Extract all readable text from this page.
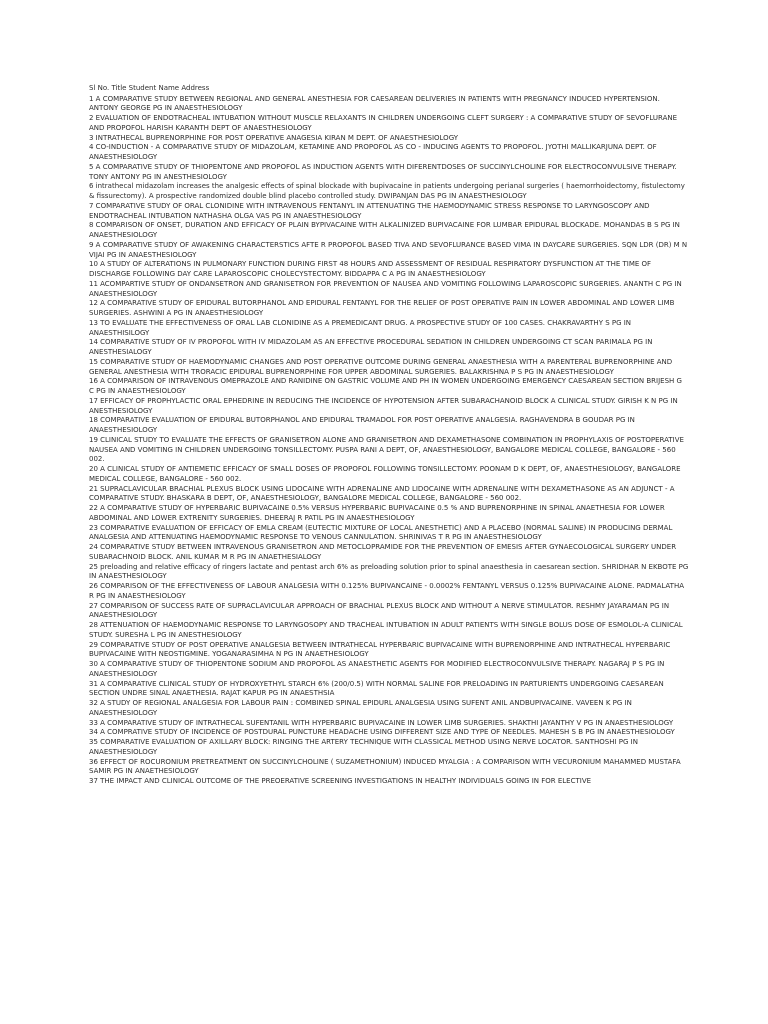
Sl No. Title Student Name Address
1 A COMPARATIVE STUDY BETWEEN REGIONAL AND GENERAL ANESTHESIA FOR CAESAREAN DELIVERIES IN PATIENTS WITH PREGNANCY INDUCED HYPERTENSION. ANTONY GEORGE PG IN ANAESTHESIOLOGY
2 EVALUATION OF ENDOTRACHEAL INTUBATION WITHOUT MUSCLE RELAXANTS IN CHILDREN UNDERGOING CLEFT SURGERY : A COMPARATIVE STUDY OF SEVOFLURANE AND PROPOFOL HARISH KARANTH DEPT OF ANAESTHESIOLOGY
3 INTRATHECAL BUPRENORPHINE FOR POST OPERATIVE ANAGESIA KIRAN M DEPT. OF ANAESTHESIOLOGY
4 CO-INDUCTION - A COMPARATIVE STUDY OF MIDAZOLAM, KETAMINE AND PROPOFOL AS CO - INDUCING AGENTS TO PROPOFOL. JYOTHI MALLIKARJUNA DEPT. OF ANAESTHESIOLOGY
5 A COMPARATIVE STUDY OF THIOPENTONE AND PROPOFOL AS INDUCTION AGENTS WITH DIFERENTDOSES OF SUCCINYLCHOLINE FOR ELECTROCONVULSIVE THERAPY. TONY ANTONY PG IN ANESTHESIOLOGY
6 intrathecal midazolam increases the analgesic effects of spinal blockade with bupivacaine in patients undergoing perianal surgeries ( haemorrhoidectomy, fistulectomy & fissurectomy). A prospective randomized double blind placebo controlled study. DWIPANJAN DAS PG IN ANAESTHESIOLOGY
7 COMPARATIVE STUDY OF ORAL CLONIDINE WITH INTRAVENOUS FENTANYL IN ATTENUATING THE HAEMODYNAMIC STRESS RESPONSE TO LARYNGOSCOPY AND ENDOTRACHEAL INTUBATION NATHASHA OLGA VAS PG IN ANAESTHESIOLOGY
8 COMPARISON OF ONSET, DURATION AND EFFICACY OF PLAIN BYPIVACAINE WITH ALKALINIZED BUPIVACAINE FOR LUMBAR EPIDURAL BLOCKADE. MOHANDAS B S PG IN ANAESTHESIOLOGY
9 A COMPARATIVE STUDY OF AWAKENING CHARACTERSTICS AFTE R PROPOFOL BASED TIVA AND SEVOFLURANCE BASED VIMA IN DAYCARE SURGERIES. SQN LDR (DR) M N VIJAI PG IN ANAESTHESIOLOGY
10 A STUDY OF ALTERATIONS IN PULMONARY FUNCTION DURING FIRST 48 HOURS AND ASSESSMENT OF RESIDUAL RESPIRATORY DYSFUNCTION AT THE TIME OF DISCHARGE FOLLOWING DAY CARE LAPAROSCOPIC CHOLECYSTECTOMY. BIDDAPPA C A PG IN ANAESTHESIOLOGY
11 ACOMPARTIVE STUDY OF ONDANSETRON AND GRANISETRON FOR PREVENTION OF NAUSEA AND VOMITING FOLLOWING LAPAROSCOPIC SURGERIES. ANANTH C PG IN ANAESTHESIOLOGY
12 A COMPARATIVE STUDY OF EPIDURAL BUTORPHANOL AND EPIDURAL FENTANYL FOR THE RELIEF OF POST OPERATIVE PAIN IN LOWER ABDOMINAL AND LOWER LIMB SURGERIES. ASHWINI A PG IN ANAESTHESIOLOGY
13 TO EVALUATE THE EFFECTIVENESS OF ORAL LAB CLONIDINE AS A PREMEDICANT DRUG. A PROSPECTIVE STUDY OF 100 CASES. CHAKRAVARTHY S PG IN ANAESTHISILOGY
14 COMPARATIVE STUDY OF IV PROPOFOL WITH IV MIDAZOLAM AS AN EFFECTIVE PROCEDURAL SEDATION IN CHILDREN UNDERGOING CT SCAN PARIMALA PG IN ANESTHESIALOGY
15 COMPARATIVE STUDY OF HAEMODYNAMIC CHANGES AND POST OPERATIVE OUTCOME DURING GENERAL ANAESTHESIA WITH A PARENTERAL BUPRENORPHINE AND GENERAL ANESTHESIA WITH TRORACIC EPIDURAL BUPRENORPHINE FOR UPPER ABDOMINAL SURGERIES. BALAKRISHNA P S PG IN ANAESTHESIOLOGY
16 A COMPARISON OF INTRAVENOUS OMEPRAZOLE AND RANIDINE ON GASTRIC VOLUME AND PH IN WOMEN UNDERGOING EMERGENCY CAESAREAN SECTION BRIJESH G C PG IN ANAESTHESIOLOGY
17 EFFICACY OF PROPHYLACTIC ORAL EPHEDRINE IN REDUCING THE INCIDENCE OF HYPOTENSION AFTER SUBARACHANOID BLOCK A CLINICAL STUDY. GIRISH K N PG IN ANESTHESIOLOGY
18 COMPARATIVE EVALUATION OF EPIDURAL BUTORPHANOL AND EPIDURAL TRAMADOL FOR POST OPERATIVE ANALGESIA. RAGHAVENDRA B GOUDAR PG IN ANAESTHESIOLOGY
19 CLINICAL STUDY TO EVALUATE THE EFFECTS OF GRANISETRON ALONE AND GRANISETRON AND DEXAMETHASONE COMBINATION IN PROPHYLAXIS OF POSTOPERATIVE NAUSEA AND VOMITING IN CHILDREN UNDERGOING TONSILLECTOMY. PUSPA RANI A DEPT, OF, ANAESTHESIOLOGY, BANGALORE MEDICAL COLLEGE, BANGALORE - 560 002.
20 A CLINICAL STUDY OF ANTIEMETIC EFFICACY OF SMALL DOSES OF PROPOFOL FOLLOWING TONSILLECTOMY. POONAM D K DEPT, OF, ANAESTHESIOLOGY, BANGALORE MEDICAL COLLEGE, BANGALORE - 560 002.
21 SUPRACLAVICULAR BRACHIAL PLEXUS BLOCK USING LIDOCAINE WITH ADRENALINE AND LIDOCAINE WITH ADRENALINE WITH DEXAMETHASONE AS AN ADJUNCT - A COMPARATIVE STUDY. BHASKARA B DEPT, OF, ANAESTHESIOLOGY, BANGALORE MEDICAL COLLEGE, BANGALORE - 560 002.
22 A COMPARATIVE STUDY OF HYPERBARIC BUPIVACAINE 0.5% VERSUS HYPERBARIC BUPIVACAINE 0.5 % AND BUPRENORPHINE IN SPINAL ANAETHESIA FOR LOWER ABDOMINAL AND LOWER EXTRENITY SURGERIES. DHEERAJ R PATIL PG IN ANAESTHESIOLOGY
23 COMPARATIVE EVALUATION OF EFFICACY OF EMLA CREAM (EUTECTIC MIXTURE OF LOCAL ANESTHETIC) AND A PLACEBO (NORMAL SALINE) IN PRODUCING DERMAL ANALGESIA AND ATTENUATING HAEMODYNAMIC RESPONSE TO VENOUS CANNULATION. SHRINIVAS T R PG IN ANAESTHESIOLOGY
24 COMPARATIVE STUDY BETWEEN INTRAVENOUS GRANISETRON AND METOCLOPRAMIDE FOR THE PREVENTION OF EMESIS AFTER GYNAECOLOGICAL SURGERY UNDER SUBARACHNOID BLOCK. ANIL KUMAR M R PG IN ANAETHESIALOGY
25 preloading and relative efficacy of ringers lactate and pentast arch 6% as preloading solution prior to spinal anaesthesia in caesarean section. SHRIDHAR N EKBOTE PG IN ANAESTHESIOLOGY
26 COMPARISON OF THE EFFECTIVENESS OF LABOUR ANALGESIA WITH 0.125% BUPIVANCAINE - 0.0002% FENTANYL VERSUS 0.125% BUPIVACAINE ALONE. PADMALATHA R PG IN ANAESTHESIOLOGY
27 COMPARISON OF SUCCESS RATE OF SUPRACLAVICULAR APPROACH OF BRACHIAL PLEXUS BLOCK AND WITHOUT A NERVE STIMULATOR. RESHMY JAYARAMAN PG IN ANAESTHESIOLOGY
28 ATTENUATION OF HAEMODYNAMIC RESPONSE TO LARYNGOSOPY AND TRACHEAL INTUBATION IN ADULT PATIENTS WITH SINGLE BOLUS DOSE OF ESMOLOL-A CLINICAL STUDY. SURESHA L PG IN ANESTHESIOLOGY
29 COMPARATIVE STUDY OF POST OPERATIVE ANALGESIA BETWEEN INTRATHECAL HYPERBARIC BUPIVACAINE WITH BUPRENORPHINE AND INTRATHECAL HYPERBARIC BUPIVACAINE WITH NEOSTIGMINE. YOGANARASIMHA N PG IN ANAETHESIOLOGY
30 A COMPARATIVE STUDY OF THIOPENTONE SODIUM AND PROPOFOL AS ANAESTHETIC AGENTS FOR MODIFIED ELECTROCONVULSIVE THERAPY. NAGARAJ P S PG IN ANAESTHESIOLOGY
31 A COMPARATIVE CLINICAL STUDY OF HYDROXYETHYL STARCH 6% (200/0.5) WITH NORMAL SALINE FOR PRELOADING IN PARTURIENTS UNDERGOING CAESAREAN SECTION UNDRE SINAL ANAETHESIA. RAJAT KAPUR PG IN ANAESTHSIA
32 A STUDY OF REGIONAL ANALGESIA FOR LABOUR PAIN : COMBINED SPINAL EPIDURL ANALGESIA USING SUFENT ANIL ANDBUPIVACAINE. VAVEEN K PG IN ANAESTHESIOLOGY
33 A COMPARATIVE STUDY OF INTRATHECAL SUFENTANIL WITH HYPERBARIC BUPIVACAINE IN LOWER LIMB SURGERIES. SHAKTHI JAYANTHY V PG IN ANAESTHESIOLOGY
34 A COMPRATIVE STUDY OF INCIDENCE OF POSTDURAL PUNCTURE HEADACHE USING DIFFERENT SIZE AND TYPE OF NEEDLES. MAHESH S B PG IN ANAESTHESIOLOGY
35 COMPARATIVE EVALUATION OF AXILLARY BLOCK: RINGING THE ARTERY TECHNIQUE WITH CLASSICAL METHOD USING NERVE LOCATOR. SANTHOSHI PG IN ANAESTHESIOLOGY
36 EFFECT OF ROCURONIUM PRETREATMENT ON SUCCINYLCHOLINE ( SUZAMETHONIUM) INDUCED MYALGIA : A COMPARISON WITH VECURONIUM MAHAMMED MUSTAFA SAMIR PG IN ANAETHESIOLOGY
37 THE IMPACT AND CLINICAL OUTCOME OF THE PREOERATIVE SCREENING INVESTIGATIONS IN HEALTHY INDIVIDUALS GOING IN FOR ELECTIVE
